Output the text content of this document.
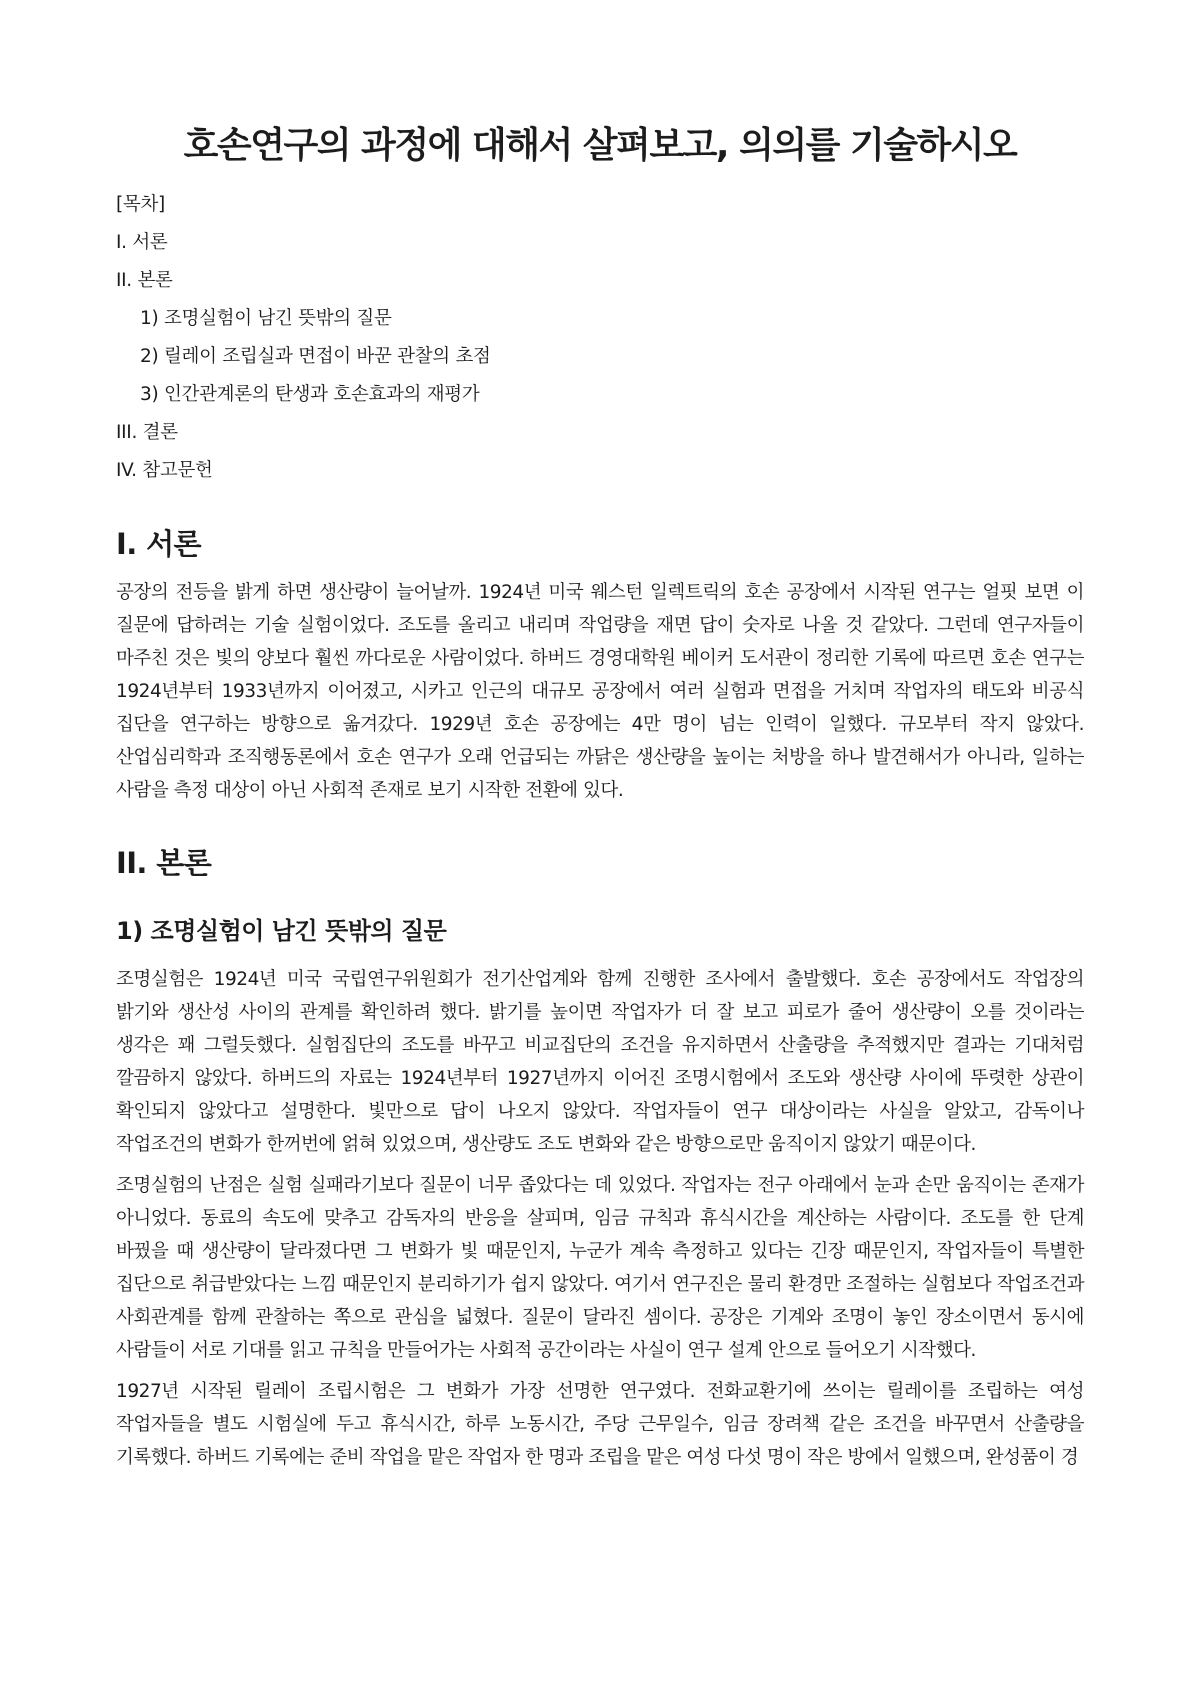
호손연구의 과정에 대해서 살펴보고, 의의를 기술하시오
[목차]
I. 서론
II. 본론
1) 조명실험이 남긴 뜻밖의 질문
2) 릴레이 조립실과 면접이 바꾼 관찰의 초점
3) 인간관계론의 탄생과 호손효과의 재평가
III. 결론
IV. 참고문헌
I. 서론

공장의 전등을 밝게 하면 생산량이 늘어날까. 1924년 미국 웨스턴 일렉트릭의 호손 공장에서 시작된 연구는 얼핏 보면 이 질문에 답하려는 기술 실험이었다. 조도를 올리고 내리며 작업량을 재면 답이 숫자로 나올 것 같았다. 그런데 연구자들이 마주친 것은 빛의 양보다 훨씬 까다로운 사람이었다. 하버드 경영대학원 베이커 도서관이 정리한 기록에 따르면 호손 연구는 1924년부터 1933년까지 이어졌고, 시카고 인근의 대규모 공장에서 여러 실험과 면접을 거치며 작업자의 태도와 비공식 집단을 연구하는 방향으로 옮겨갔다. 1929년 호손 공장에는 4만 명이 넘는 인력이 일했다. 규모부터 작지 않았다. 산업심리학과 조직행동론에서 호손 연구가 오래 언급되는 까닭은 생산량을 높이는 처방을 하나 발견해서가 아니라, 일하는 사람을 측정 대상이 아닌 사회적 존재로 보기 시작한 전환에 있다.

II. 본론
1) 조명실험이 남긴 뜻밖의 질문

조명실험은 1924년 미국 국립연구위원회가 전기산업계와 함께 진행한 조사에서 출발했다. 호손 공장에서도 작업장의 밝기와 생산성 사이의 관계를 확인하려 했다. 밝기를 높이면 작업자가 더 잘 보고 피로가 줄어 생산량이 오를 것이라는 생각은 꽤 그럴듯했다. 실험집단의 조도를 바꾸고 비교집단의 조건을 유지하면서 산출량을 추적했지만 결과는 기대처럼 깔끔하지 않았다. 하버드의 자료는 1924년부터 1927년까지 이어진 조명시험에서 조도와 생산량 사이에 뚜렷한 상관이 확인되지 않았다고 설명한다. 빛만으로 답이 나오지 않았다. 작업자들이 연구 대상이라는 사실을 알았고, 감독이나 작업조건의 변화가 한꺼번에 얽혀 있었으며, 생산량도 조도 변화와 같은 방향으로만 움직이지 않았기 때문이다.

조명실험의 난점은 실험 실패라기보다 질문이 너무 좁았다는 데 있었다. 작업자는 전구 아래에서 눈과 손만 움직이는 존재가 아니었다. 동료의 속도에 맞추고 감독자의 반응을 살피며, 임금 규칙과 휴식시간을 계산하는 사람이다. 조도를 한 단계 바꿨을 때 생산량이 달라졌다면 그 변화가 빛 때문인지, 누군가 계속 측정하고 있다는 긴장 때문인지, 작업자들이 특별한 집단으로 취급받았다는 느낌 때문인지 분리하기가 쉽지 않았다. 여기서 연구진은 물리 환경만 조절하는 실험보다 작업조건과 사회관계를 함께 관찰하는 쪽으로 관심을 넓혔다. 질문이 달라진 셈이다. 공장은 기계와 조명이 놓인 장소이면서 동시에 사람들이 서로 기대를 읽고 규칙을 만들어가는 사회적 공간이라는 사실이 연구 설계 안으로 들어오기 시작했다.

1927년 시작된 릴레이 조립시험은 그 변화가 가장 선명한 연구였다. 전화교환기에 쓰이는 릴레이를 조립하는 여성 작업자들을 별도 시험실에 두고 휴식시간, 하루 노동시간, 주당 근무일수, 임금 장려책 같은 조건을 바꾸면서 산출량을 기록했다. 하버드 기록에는 준비 작업을 맡은 작업자 한 명과 조립을 맡은 여성 다섯 명이 작은 방에서 일했으며, 완성품이 경
